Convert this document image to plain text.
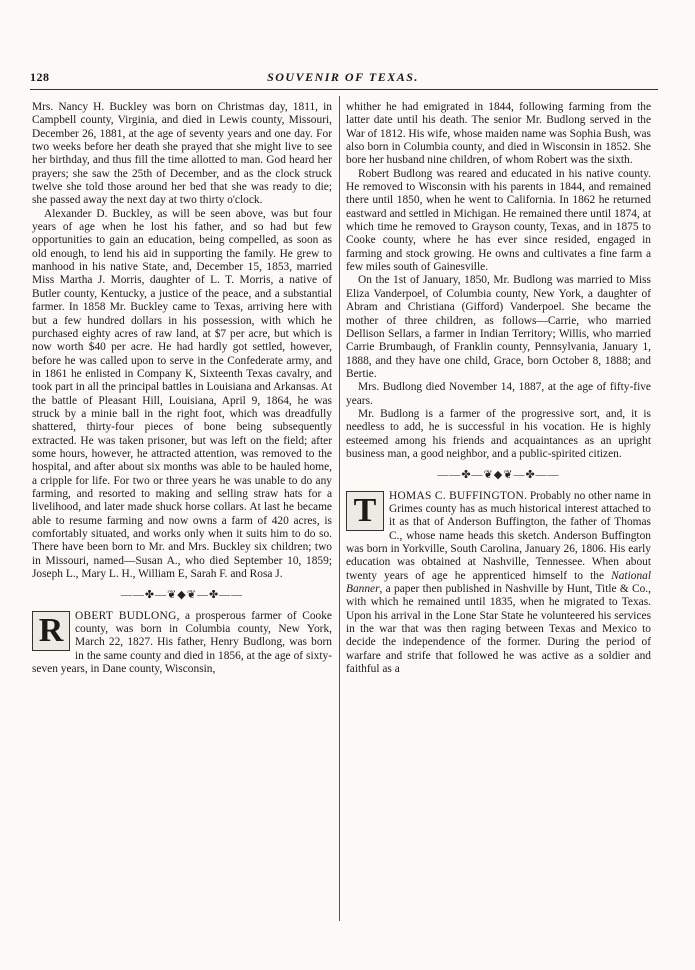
128	SOUVENIR OF TEXAS.

Mrs. Nancy H. Buckley was born on Christmas day, 1811, in Campbell county, Virginia, and died in Lewis county, Missouri, December 26, 1881, at the age of seventy years and one day. For two weeks before her death she prayed that she might live to see her birthday, and thus fill the time allotted to man. God heard her prayers; she saw the 25th of December, and as the clock struck twelve she told those around her bed that she was ready to die; she passed away the next day at two thirty o'clock.

Alexander D. Buckley, as will be seen above, was but four years of age when he lost his father, and so had but few opportunities to gain an education, being compelled, as soon as old enough, to lend his aid in supporting the family. He grew to manhood in his native State, and, December 15, 1853, married Miss Martha J. Morris, daughter of L. T. Morris, a native of Butler county, Kentucky, a justice of the peace, and a substantial farmer. In 1858 Mr. Buckley came to Texas, arriving here with but a few hundred dollars in his possession, with which he purchased eighty acres of raw land, at $7 per acre, but which is now worth $40 per acre. He had hardly got settled, however, before he was called upon to serve in the Confederate army, and in 1861 he enlisted in Company K, Sixteenth Texas cavalry, and took part in all the principal battles in Louisiana and Arkansas. At the battle of Pleasant Hill, Louisiana, April 9, 1864, he was struck by a minie ball in the right foot, which was dreadfully shattered, thirty-four pieces of bone being subsequently extracted. He was taken prisoner, but was left on the field; after some hours, however, he attracted attention, was removed to the hospital, and after about six months was able to be hauled home, a cripple for life. For two or three years he was unable to do any farming, and resorted to making and selling straw hats for a livelihood, and later made shuck horse collars. At last he became able to resume farming and now owns a farm of 420 acres, is comfortably situated, and works only when it suits him to do so. There have been born to Mr. and Mrs. Buckley six children; two in Missouri, named—Susan A., who died September 10, 1859; Joseph L., Mary L. H., William E, Sarah F. and Rosa J.

——✤—❦◆❦—✤——
R	OBERT BUDLONG, a prosperous farmer of Cooke county, was born in Columbia county, New York, March 22, 1827. His father, Henry Budlong, was born in the same county and died in 1856, at the age of sixty-seven years, in Dane county, Wisconsin,

whither he had emigrated in 1844, following farming from the latter date until his death. The senior Mr. Budlong served in the War of 1812. His wife, whose maiden name was Sophia Bush, was also born in Columbia county, and died in Wisconsin in 1852. She bore her husband nine children, of whom Robert was the sixth.

Robert Budlong was reared and educated in his native county. He removed to Wisconsin with his parents in 1844, and remained there until 1850, when he went to California. In 1862 he returned eastward and settled in Michigan. He remained there until 1874, at which time he removed to Grayson county, Texas, and in 1875 to Cooke county, where he has ever since resided, engaged in farming and stock growing. He owns and cultivates a fine farm a few miles south of Gainesville.

On the 1st of January, 1850, Mr. Budlong was married to Miss Eliza Vanderpoel, of Columbia county, New York, a daughter of Abram and Christiana (Gifford) Vanderpoel. She became the mother of three children, as follows—Carrie, who married Dellison Sellars, a farmer in Indian Territory; Willis, who married Carrie Brumbaugh, of Franklin county, Pennsylvania, January 1, 1888, and they have one child, Grace, born October 8, 1888; and Bertie.

Mrs. Budlong died November 14, 1887, at the age of fifty-five years.

Mr. Budlong is a farmer of the progressive sort, and, it is needless to add, he is successful in his vocation. He is highly esteemed among his friends and acquaintances as an upright business man, a good neighbor, and a public-spirited citizen.

——✤—❦◆❦—✤——
T	HOMAS C. BUFFINGTON. Probably no other name in Grimes county has as much historical interest attached to it as that of Anderson Buffington, the father of Thomas C., whose name heads this sketch. Anderson Buffington was born in Yorkville, South Carolina, January 26, 1806. His early education was obtained at Nashville, Tennessee. When about twenty years of age he apprenticed himself to the National Banner, a paper then published in Nashville by Hunt, Title & Co., with which he remained until 1835, when he migrated to Texas. Upon his arrival in the Lone Star State he volunteered his services in the war that was then raging between Texas and Mexico to decide the independence of the former. During the period of warfare and strife that followed he was active as a soldier and faithful as a
